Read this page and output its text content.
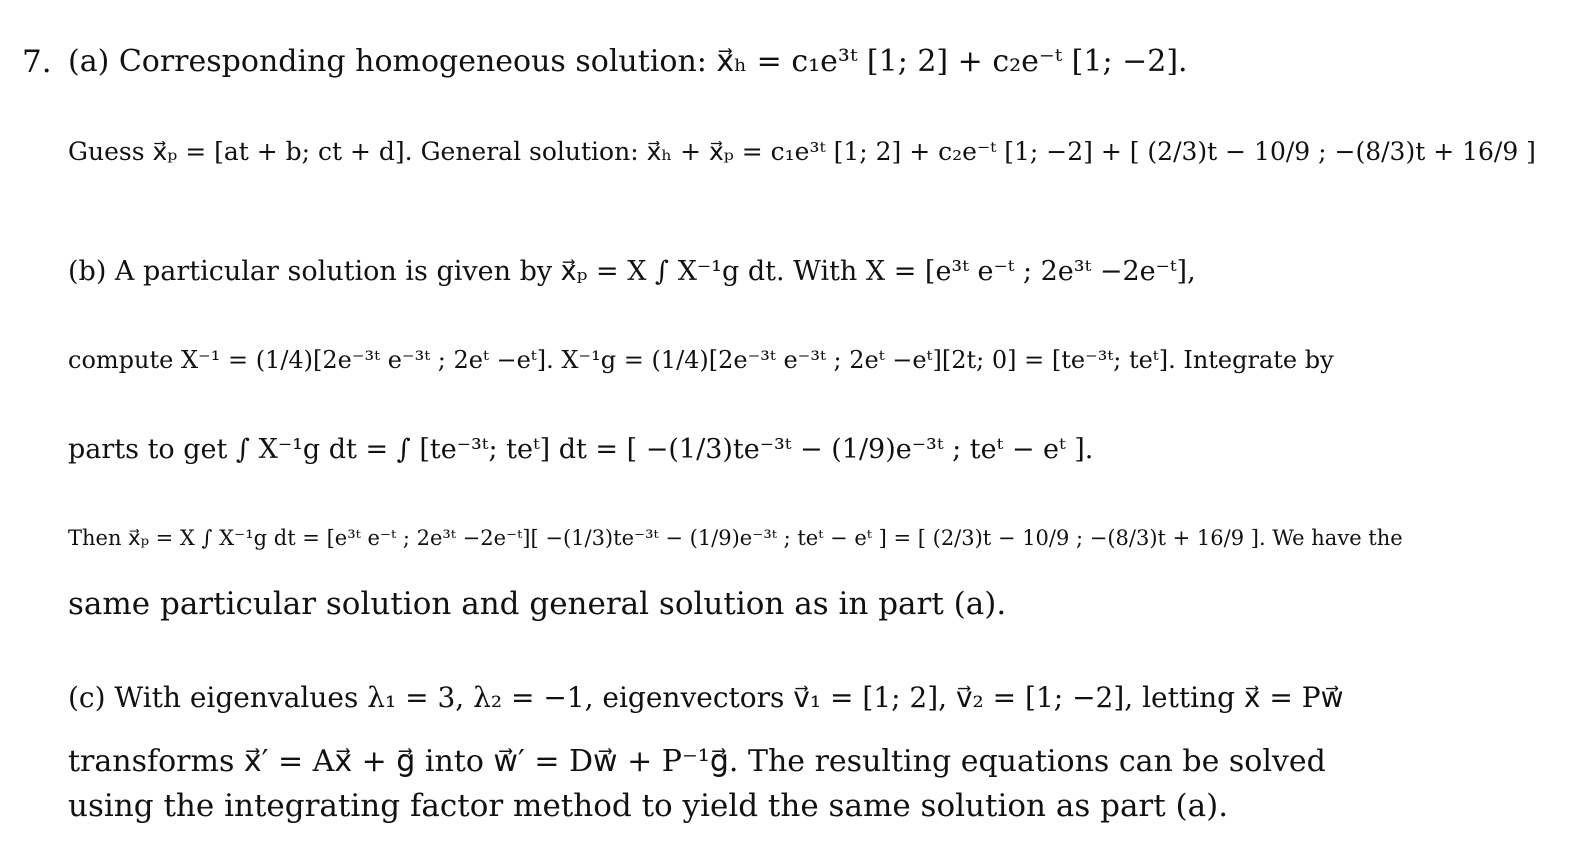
7. (a) Corresponding homogeneous solution: x⃗ₕ = c₁e³ᵗ [1; 2] + c₂e⁻ᵗ [1; −2].
Guess x⃗ₚ = [at + b; ct + d]. General solution: x⃗ₕ + x⃗ₚ = c₁e³ᵗ [1; 2] + c₂e⁻ᵗ [1; −2] + [ (2/3)t − 10/9 ; −(8/3)t + 16/9 ]
(b) A particular solution is given by x⃗ₚ = X ∫ X⁻¹g dt. With X = [e³ᵗ e⁻ᵗ ; 2e³ᵗ −2e⁻ᵗ],
compute X⁻¹ = (1/4)[2e⁻³ᵗ e⁻³ᵗ ; 2eᵗ −eᵗ]. X⁻¹g = (1/4)[2e⁻³ᵗ e⁻³ᵗ ; 2eᵗ −eᵗ][2t; 0] = [te⁻³ᵗ; teᵗ]. Integrate by
parts to get ∫ X⁻¹g dt = ∫ [te⁻³ᵗ; teᵗ] dt = [ −(1/3)te⁻³ᵗ − (1/9)e⁻³ᵗ ; teᵗ − eᵗ ].
Then x⃗ₚ = X ∫ X⁻¹g dt = [e³ᵗ e⁻ᵗ ; 2e³ᵗ −2e⁻ᵗ][ −(1/3)te⁻³ᵗ − (1/9)e⁻³ᵗ ; teᵗ − eᵗ ] = [ (2/3)t − 10/9 ; −(8/3)t + 16/9 ]. We have the
same particular solution and general solution as in part (a).
(c) With eigenvalues λ₁ = 3, λ₂ = −1, eigenvectors v⃗₁ = [1; 2], v⃗₂ = [1; −2], letting x⃗ = Pw⃗
transforms x⃗′ = Ax⃗ + g⃗ into w⃗′ = Dw⃗ + P⁻¹g⃗. The resulting equations can be solved
using the integrating factor method to yield the same solution as part (a).
